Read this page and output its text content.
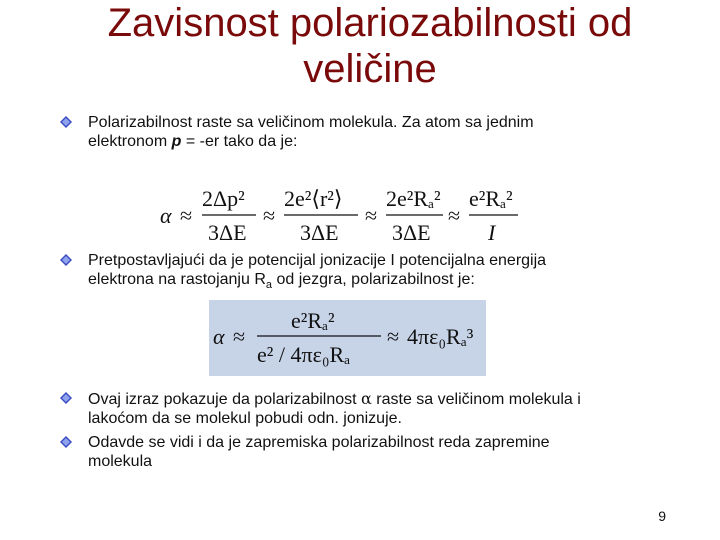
Zavisnost polariozabilnosti od
veličine
Polarizabilnost raste sa veličinom molekula. Za atom sa jednim
elektronom p = -er tako da je:
α ≈
2Δp²
3ΔE
≈
2e²⟨r²⟩
3ΔE
≈
2e²Rₐ²
3ΔE
≈
e²Rₐ²
I
Pretpostavljajući da je potencijal jonizacije I potencijalna energija
elektrona na rastojanju $R_a$ od jezgra, polarizabilnost je:
α ≈
e²Rₐ²
e² / 4πε₀Rₐ
≈ 4πε₀Rₐ³
Ovaj izraz pokazuje da polarizabilnost α raste sa veličinom molekula i
lakoćom da se molekul pobudi odn. jonizuje.
Odavde se vidi i da je zapremiska polarizabilnost reda zapremine
molekula
9
